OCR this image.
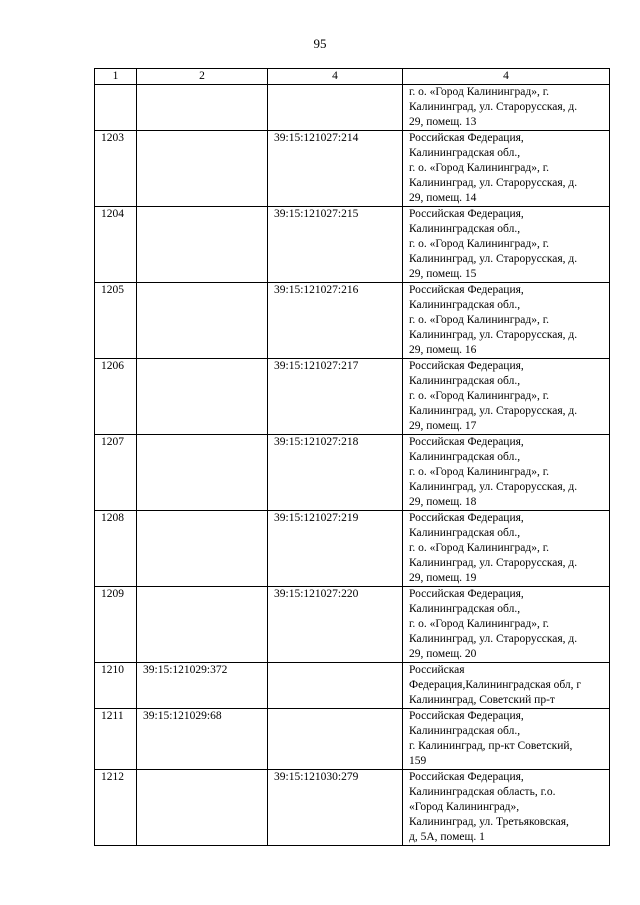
95
1	2	4	4
			г. о. «Город Калининград», г.
Калининград, ул. Старорусская, д.
29, помещ. 13
1203		39:15:121027:214	Российская Федерация,
Калининградская обл.,
г. о. «Город Калининград», г.
Калининград, ул. Старорусская, д.
29, помещ. 14
1204		39:15:121027:215	Российская Федерация,
Калининградская обл.,
г. о. «Город Калининград», г.
Калининград, ул. Старорусская, д.
29, помещ. 15
1205		39:15:121027:216	Российская Федерация,
Калининградская обл.,
г. о. «Город Калининград», г.
Калининград, ул. Старорусская, д.
29, помещ. 16
1206		39:15:121027:217	Российская Федерация,
Калининградская обл.,
г. о. «Город Калининград», г.
Калининград, ул. Старорусская, д.
29, помещ. 17
1207		39:15:121027:218	Российская Федерация,
Калининградская обл.,
г. о. «Город Калининград», г.
Калининград, ул. Старорусская, д.
29, помещ. 18
1208		39:15:121027:219	Российская Федерация,
Калининградская обл.,
г. о. «Город Калининград», г.
Калининград, ул. Старорусская, д.
29, помещ. 19
1209		39:15:121027:220	Российская Федерация,
Калининградская обл.,
г. о. «Город Калининград», г.
Калининград, ул. Старорусская, д.
29, помещ. 20
1210	39:15:121029:372		Российская
Федерация,Калининградская обл, г
Калининград, Советский пр-т
1211	39:15:121029:68		Российская Федерация,
Калининградская обл.,
г. Калининград, пр-кт Советский,
159
1212		39:15:121030:279	Российская Федерация,
Калининградская область, г.о.
«Город Калининград»,
Калининград, ул. Третьяковская,
д, 5А, помещ. 1
